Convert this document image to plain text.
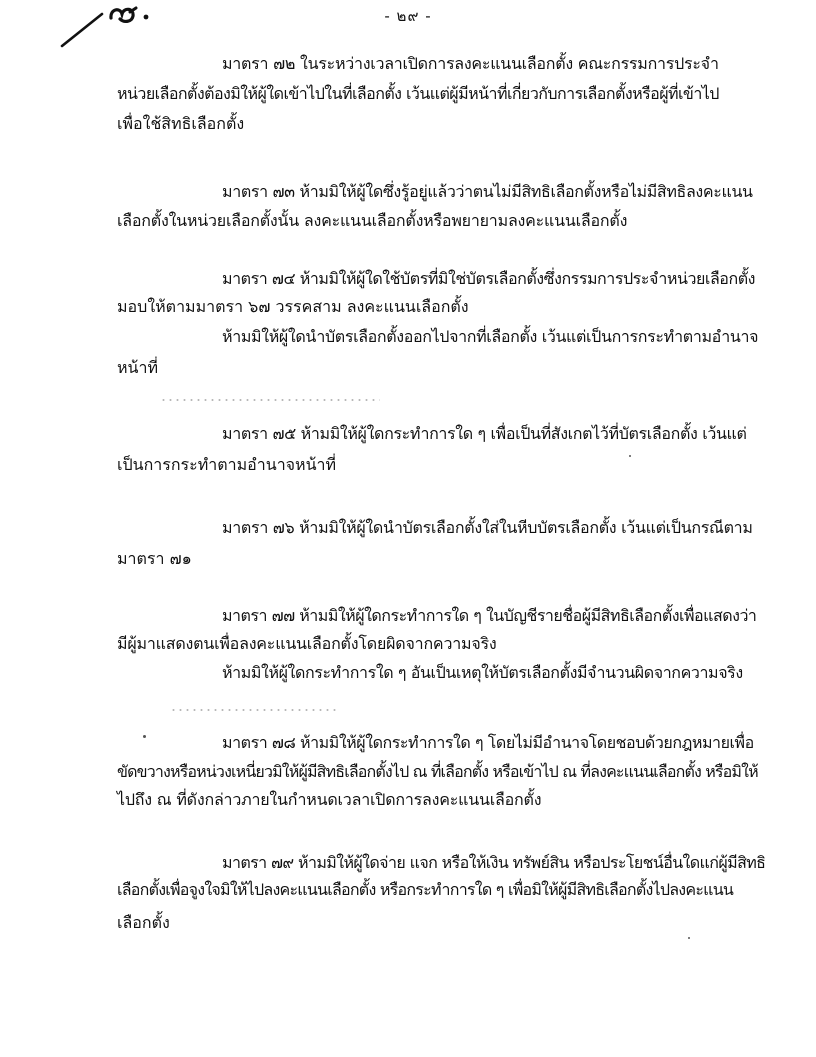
- ๒๙ -
มาตรา ๗๒ ในระหว่างเวลาเปิดการลงคะแนนเลือกตั้ง คณะกรรมการประจำ
หน่วยเลือกตั้งต้องมิให้ผู้ใดเข้าไปในที่เลือกตั้ง เว้นแต่ผู้มีหน้าที่เกี่ยวกับการเลือกตั้งหรือผู้ที่เข้าไป
เพื่อใช้สิทธิเลือกตั้ง
มาตรา ๗๓ ห้ามมิให้ผู้ใดซึ่งรู้อยู่แล้วว่าตนไม่มีสิทธิเลือกตั้งหรือไม่มีสิทธิลงคะแนน
เลือกตั้งในหน่วยเลือกตั้งนั้น ลงคะแนนเลือกตั้งหรือพยายามลงคะแนนเลือกตั้ง
มาตรา ๗๔ ห้ามมิให้ผู้ใดใช้บัตรที่มิใช่บัตรเลือกตั้งซึ่งกรรมการประจำหน่วยเลือกตั้ง
มอบให้ตามมาตรา ๖๗ วรรคสาม ลงคะแนนเลือกตั้ง
ห้ามมิให้ผู้ใดนำบัตรเลือกตั้งออกไปจากที่เลือกตั้ง เว้นแต่เป็นการกระทำตามอำนาจ
หน้าที่
มาตรา ๗๕ ห้ามมิให้ผู้ใดกระทำการใด ๆ เพื่อเป็นที่สังเกตไว้ที่บัตรเลือกตั้ง เว้นแต่
เป็นการกระทำตามอำนาจหน้าที่
มาตรา ๗๖ ห้ามมิให้ผู้ใดนำบัตรเลือกตั้งใส่ในหีบบัตรเลือกตั้ง เว้นแต่เป็นกรณีตาม
มาตรา ๗๑
มาตรา ๗๗ ห้ามมิให้ผู้ใดกระทำการใด ๆ ในบัญชีรายชื่อผู้มีสิทธิเลือกตั้งเพื่อแสดงว่า
มีผู้มาแสดงตนเพื่อลงคะแนนเลือกตั้งโดยผิดจากความจริง
ห้ามมิให้ผู้ใดกระทำการใด ๆ อันเป็นเหตุให้บัตรเลือกตั้งมีจำนวนผิดจากความจริง
มาตรา ๗๘ ห้ามมิให้ผู้ใดกระทำการใด ๆ โดยไม่มีอำนาจโดยชอบด้วยกฎหมายเพื่อ
ขัดขวางหรือหน่วงเหนี่ยวมิให้ผู้มีสิทธิเลือกตั้งไป ณ ที่เลือกตั้ง หรือเข้าไป ณ ที่ลงคะแนนเลือกตั้ง หรือมิให้
ไปถึง ณ ที่ดังกล่าวภายในกำหนดเวลาเปิดการลงคะแนนเลือกตั้ง
มาตรา ๗๙ ห้ามมิให้ผู้ใดจ่าย แจก หรือให้เงิน ทรัพย์สิน หรือประโยชน์อื่นใดแก่ผู้มีสิทธิ
เลือกตั้งเพื่อจูงใจมิให้ไปลงคะแนนเลือกตั้ง หรือกระทำการใด ๆ เพื่อมิให้ผู้มีสิทธิเลือกตั้งไปลงคะแนน
เลือกตั้ง
